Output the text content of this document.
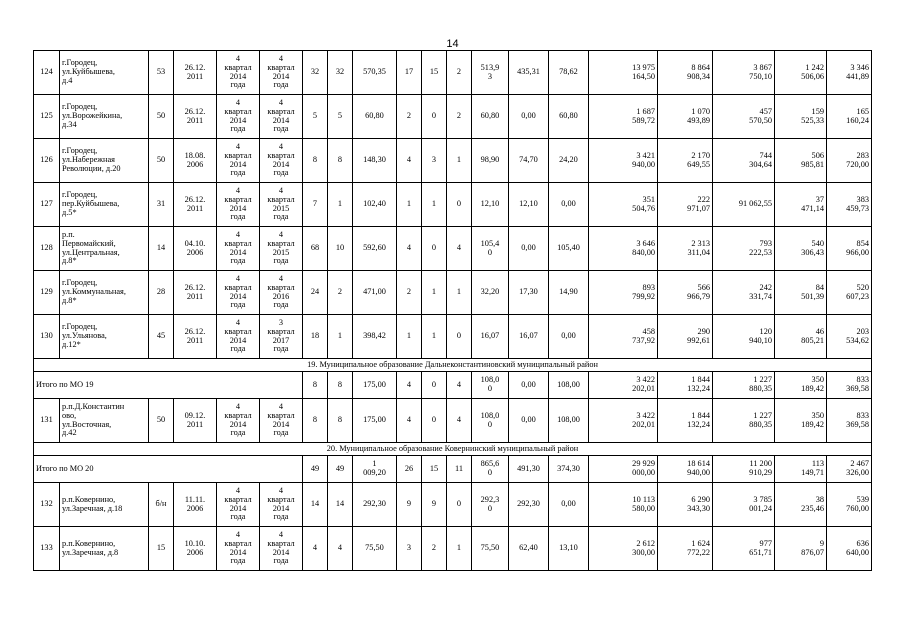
14
124	г.Городец,
ул.Куйбышева,
д.4	53	26.12.
2011	4
квартал
2014
года	4
квартал
2014
года	32	32	570,35	17	15	2	513,9
3	435,31	78,62	13 975
164,50	8 864
908,34	3 867
750,10	1 242
506,06	3 346
441,89

125	г.Городец,
ул.Ворожейкина,
д.34	50	26.12.
2011	4
квартал
2014
года	4
квартал
2014
года	5	5	60,80	2	0	2	60,80	0,00	60,80	1 687
589,72	1 070
493,89	457
570,50	159
525,33	165
160,24

126	г.Городец,
ул.Набережная
Революции, д.20	50	18.08.
2006	4
квартал
2014
года	4
квартал
2014
года	8	8	148,30	4	3	1	98,90	74,70	24,20	3 421
940,00	2 170
649,55	744
304,64	506
985,81	283
720,00

127	г.Городец,
пер.Куйбышева,
д.5*	31	26.12.
2011	4
квартал
2014
года	4
квартал
2015
года	7	1	102,40	1	1	0	12,10	12,10	0,00	351
504,76	222
971,07	91 062,55	37
471,14	383
459,73

128	р.п.
Первомайский,
ул.Центральная,
д.8*	14	04.10.
2006	4
квартал
2014
года	4
квартал
2015
года	68	10	592,60	4	0	4	105,4
0	0,00	105,40	3 646
840,00	2 313
311,04	793
222,53	540
306,43	854
966,00

129	г.Городец,
ул.Коммунальная,
д.8*	28	26.12.
2011	4
квартал
2014
года	4
квартал
2016
года	24	2	471,00	2	1	1	32,20	17,30	14,90	893
799,92	566
966,79	242
331,74	84
501,39	520
607,23

130	г.Городец,
ул.Ульянова,
д.12*	45	26.12.
2011	4
квартал
2014
года	3
квартал
2017
года	18	1	398,42	1	1	0	16,07	16,07	0,00	458
737,92	290
992,61	120
940,10	46
805,21	203
534,62

19. Муниципальное образование Дальнеконстантиновский муниципальный район																			

Итого по МО 19						8	8	175,00	4	0	4	108,0
0	0,00	108,00	3 422
202,01	1 844
132,24	1 227
880,35	350
189,42	833
369,58

131	р.п.Д.Константин
ово,
ул.Восточная,
д.42	50	09.12.
2011	4
квартал
2014
года	4
квартал
2014
года	8	8	175,00	4	0	4	108,0
0	0,00	108,00	3 422
202,01	1 844
132,24	1 227
880,35	350
189,42	833
369,58

20. Муниципальное образование Ковернинский муниципальный район																			

Итого по МО 20						49	49	1
009,20	26	15	11	865,6
0	491,30	374,30	29 929
000,00	18 614
940,00	11 200
910,29	113
149,71	2 467
326,00

132	р.п.Ковернино,
ул.Заречная, д.18	б/н	11.11.
2006	4
квартал
2014
года	4
квартал
2014
года	14	14	292,30	9	9	0	292,3
0	292,30	0,00	10 113
580,00	6 290
343,30	3 785
001,24	38
235,46	539
760,00

133	р.п.Ковернино,
ул.Заречная, д.8	15	10.10.
2006	4
квартал
2014
года	4
квартал
2014
года	4	4	75,50	3	2	1	75,50	62,40	13,10	2 612
300,00	1 624
772,22	977
651,71	9
876,07	636
640,00
